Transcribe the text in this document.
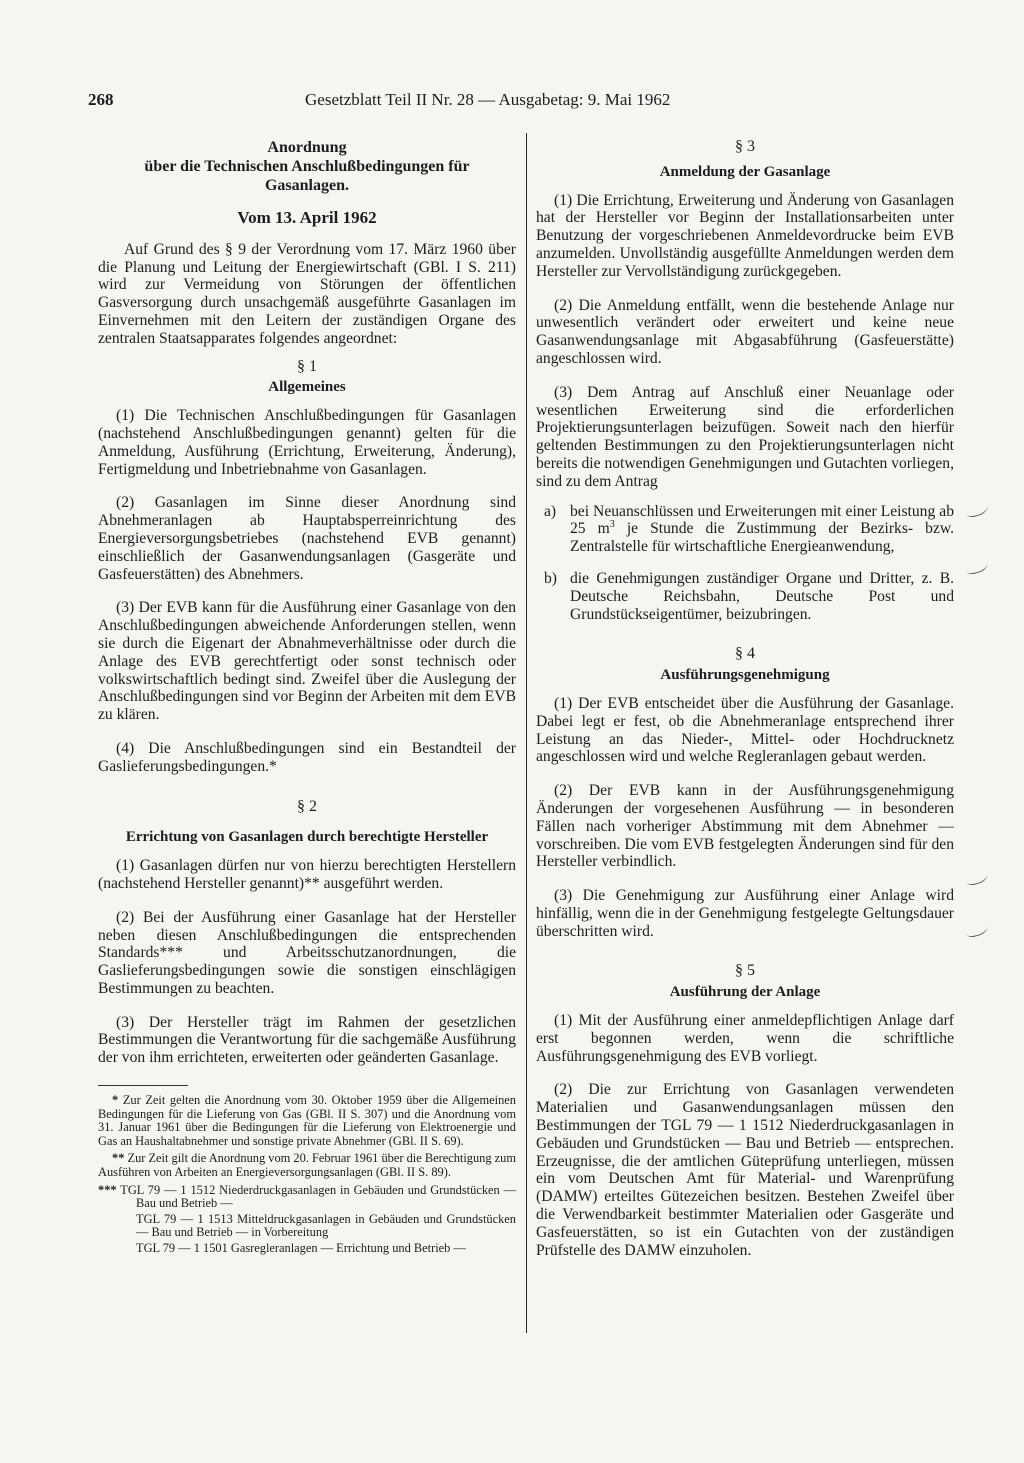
268	Gesetzblatt Teil II Nr. 28 — Ausgabetag: 9. Mai 1962
Anordnung
über die Technischen Anschlußbedingungen für
Gasanlagen.
Vom 13. April 1962

Auf Grund des § 9 der Verordnung vom 17. März 1960 über die Planung und Leitung der Energiewirtschaft (GBl. I S. 211) wird zur Vermeidung von Störungen der öffentlichen Gasversorgung durch unsachgemäß ausgeführte Gasanlagen im Einvernehmen mit den Leitern der zuständigen Organe des zentralen Staatsapparates folgendes angeordnet:

§ 1
Allgemeines

(1) Die Technischen Anschlußbedingungen für Gasanlagen (nachstehend Anschlußbedingungen genannt) gelten für die Anmeldung, Ausführung (Errichtung, Erweiterung, Änderung), Fertigmeldung und Inbetriebnahme von Gasanlagen.

(2) Gasanlagen im Sinne dieser Anordnung sind Abnehmeranlagen ab Hauptabsperreinrichtung des Energieversorgungsbetriebes (nachstehend EVB genannt) einschließlich der Gasanwendungsanlagen (Gasgeräte und Gasfeuerstätten) des Abnehmers.

(3) Der EVB kann für die Ausführung einer Gasanlage von den Anschlußbedingungen abweichende Anforderungen stellen, wenn sie durch die Eigenart der Abnahmeverhältnisse oder durch die Anlage des EVB gerechtfertigt oder sonst technisch oder volkswirtschaftlich bedingt sind. Zweifel über die Auslegung der Anschlußbedingungen sind vor Beginn der Arbeiten mit dem EVB zu klären.

(4) Die Anschlußbedingungen sind ein Bestandteil der Gaslieferungsbedingungen.*

§ 2
Errichtung von Gasanlagen durch berechtigte Hersteller

(1) Gasanlagen dürfen nur von hierzu berechtigten Herstellern (nachstehend Hersteller genannt)** ausgeführt werden.

(2) Bei der Ausführung einer Gasanlage hat der Hersteller neben diesen Anschlußbedingungen die entsprechenden Standards*** und Arbeitsschutzanordnungen, die Gaslieferungsbedingungen sowie die sonstigen einschlägigen Bestimmungen zu beachten.

(3) Der Hersteller trägt im Rahmen der gesetzlichen Bestimmungen die Verantwortung für die sachgemäße Ausführung der von ihm errichteten, erweiterten oder geänderten Gasanlage.

* Zur Zeit gelten die Anordnung vom 30. Oktober 1959 über die Allgemeinen Bedingungen für die Lieferung von Gas (GBl. II S. 307) und die Anordnung vom 31. Januar 1961 über die Bedingungen für die Lieferung von Elektroenergie und Gas an Haushaltabnehmer und sonstige private Abnehmer (GBl. II S. 69).
** Zur Zeit gilt die Anordnung vom 20. Februar 1961 über die Berechtigung zum Ausführen von Arbeiten an Energieversorgungsanlagen (GBl. II S. 89).
*** TGL 79 — 1 1512 Niederdruckgasanlagen in Gebäuden und Grundstücken — Bau und Betrieb —
TGL 79 — 1 1513 Mitteldruckgasanlagen in Gebäuden und Grundstücken — Bau und Betrieb — in Vorbereitung
TGL 79 — 1 1501 Gasregleranlagen — Errichtung und Betrieb —
§ 3
Anmeldung der Gasanlage

(1) Die Errichtung, Erweiterung und Änderung von Gasanlagen hat der Hersteller vor Beginn der Installationsarbeiten unter Benutzung der vorgeschriebenen Anmeldevordrucke beim EVB anzumelden. Unvollständig ausgefüllte Anmeldungen werden dem Hersteller zur Vervollständigung zurückgegeben.

(2) Die Anmeldung entfällt, wenn die bestehende Anlage nur unwesentlich verändert oder erweitert und keine neue Gasanwendungsanlage mit Abgasabführung (Gasfeuerstätte) angeschlossen wird.

(3) Dem Antrag auf Anschluß einer Neuanlage oder wesentlichen Erweiterung sind die erforderlichen Projektierungsunterlagen beizufügen. Soweit nach den hierfür geltenden Bestimmungen zu den Projektierungsunterlagen nicht bereits die notwendigen Genehmigungen und Gutachten vorliegen, sind zu dem Antrag

a) bei Neuanschlüssen und Erweiterungen mit einer Leistung ab 25 $m^3$ je Stunde die Zustimmung der Bezirks- bzw. Zentralstelle für wirtschaftliche Energieanwendung,
b) die Genehmigungen zuständiger Organe und Dritter, z. B. Deutsche Reichsbahn, Deutsche Post und Grundstückseigentümer, beizubringen.
§ 4
Ausführungsgenehmigung

(1) Der EVB entscheidet über die Ausführung der Gasanlage. Dabei legt er fest, ob die Abnehmeranlage entsprechend ihrer Leistung an das Nieder-, Mittel- oder Hochdrucknetz angeschlossen wird und welche Regleranlagen gebaut werden.

(2) Der EVB kann in der Ausführungsgenehmigung Änderungen der vorgesehenen Ausführung — in besonderen Fällen nach vorheriger Abstimmung mit dem Abnehmer — vorschreiben. Die vom EVB festgelegten Änderungen sind für den Hersteller verbindlich.

(3) Die Genehmigung zur Ausführung einer Anlage wird hinfällig, wenn die in der Genehmigung festgelegte Geltungsdauer überschritten wird.

§ 5
Ausführung der Anlage

(1) Mit der Ausführung einer anmeldepflichtigen Anlage darf erst begonnen werden, wenn die schriftliche Ausführungsgenehmigung des EVB vorliegt.

(2) Die zur Errichtung von Gasanlagen verwendeten Materialien und Gasanwendungsanlagen müssen den Bestimmungen der TGL 79 — 1 1512 Niederdruckgasanlagen in Gebäuden und Grundstücken — Bau und Betrieb — entsprechen. Erzeugnisse, die der amtlichen Güteprüfung unterliegen, müssen ein vom Deutschen Amt für Material- und Warenprüfung (DAMW) erteiltes Gütezeichen besitzen. Bestehen Zweifel über die Verwendbarkeit bestimmter Materialien oder Gasgeräte und Gasfeuerstätten, so ist ein Gutachten von der zuständigen Prüfstelle des DAMW einzuholen.
